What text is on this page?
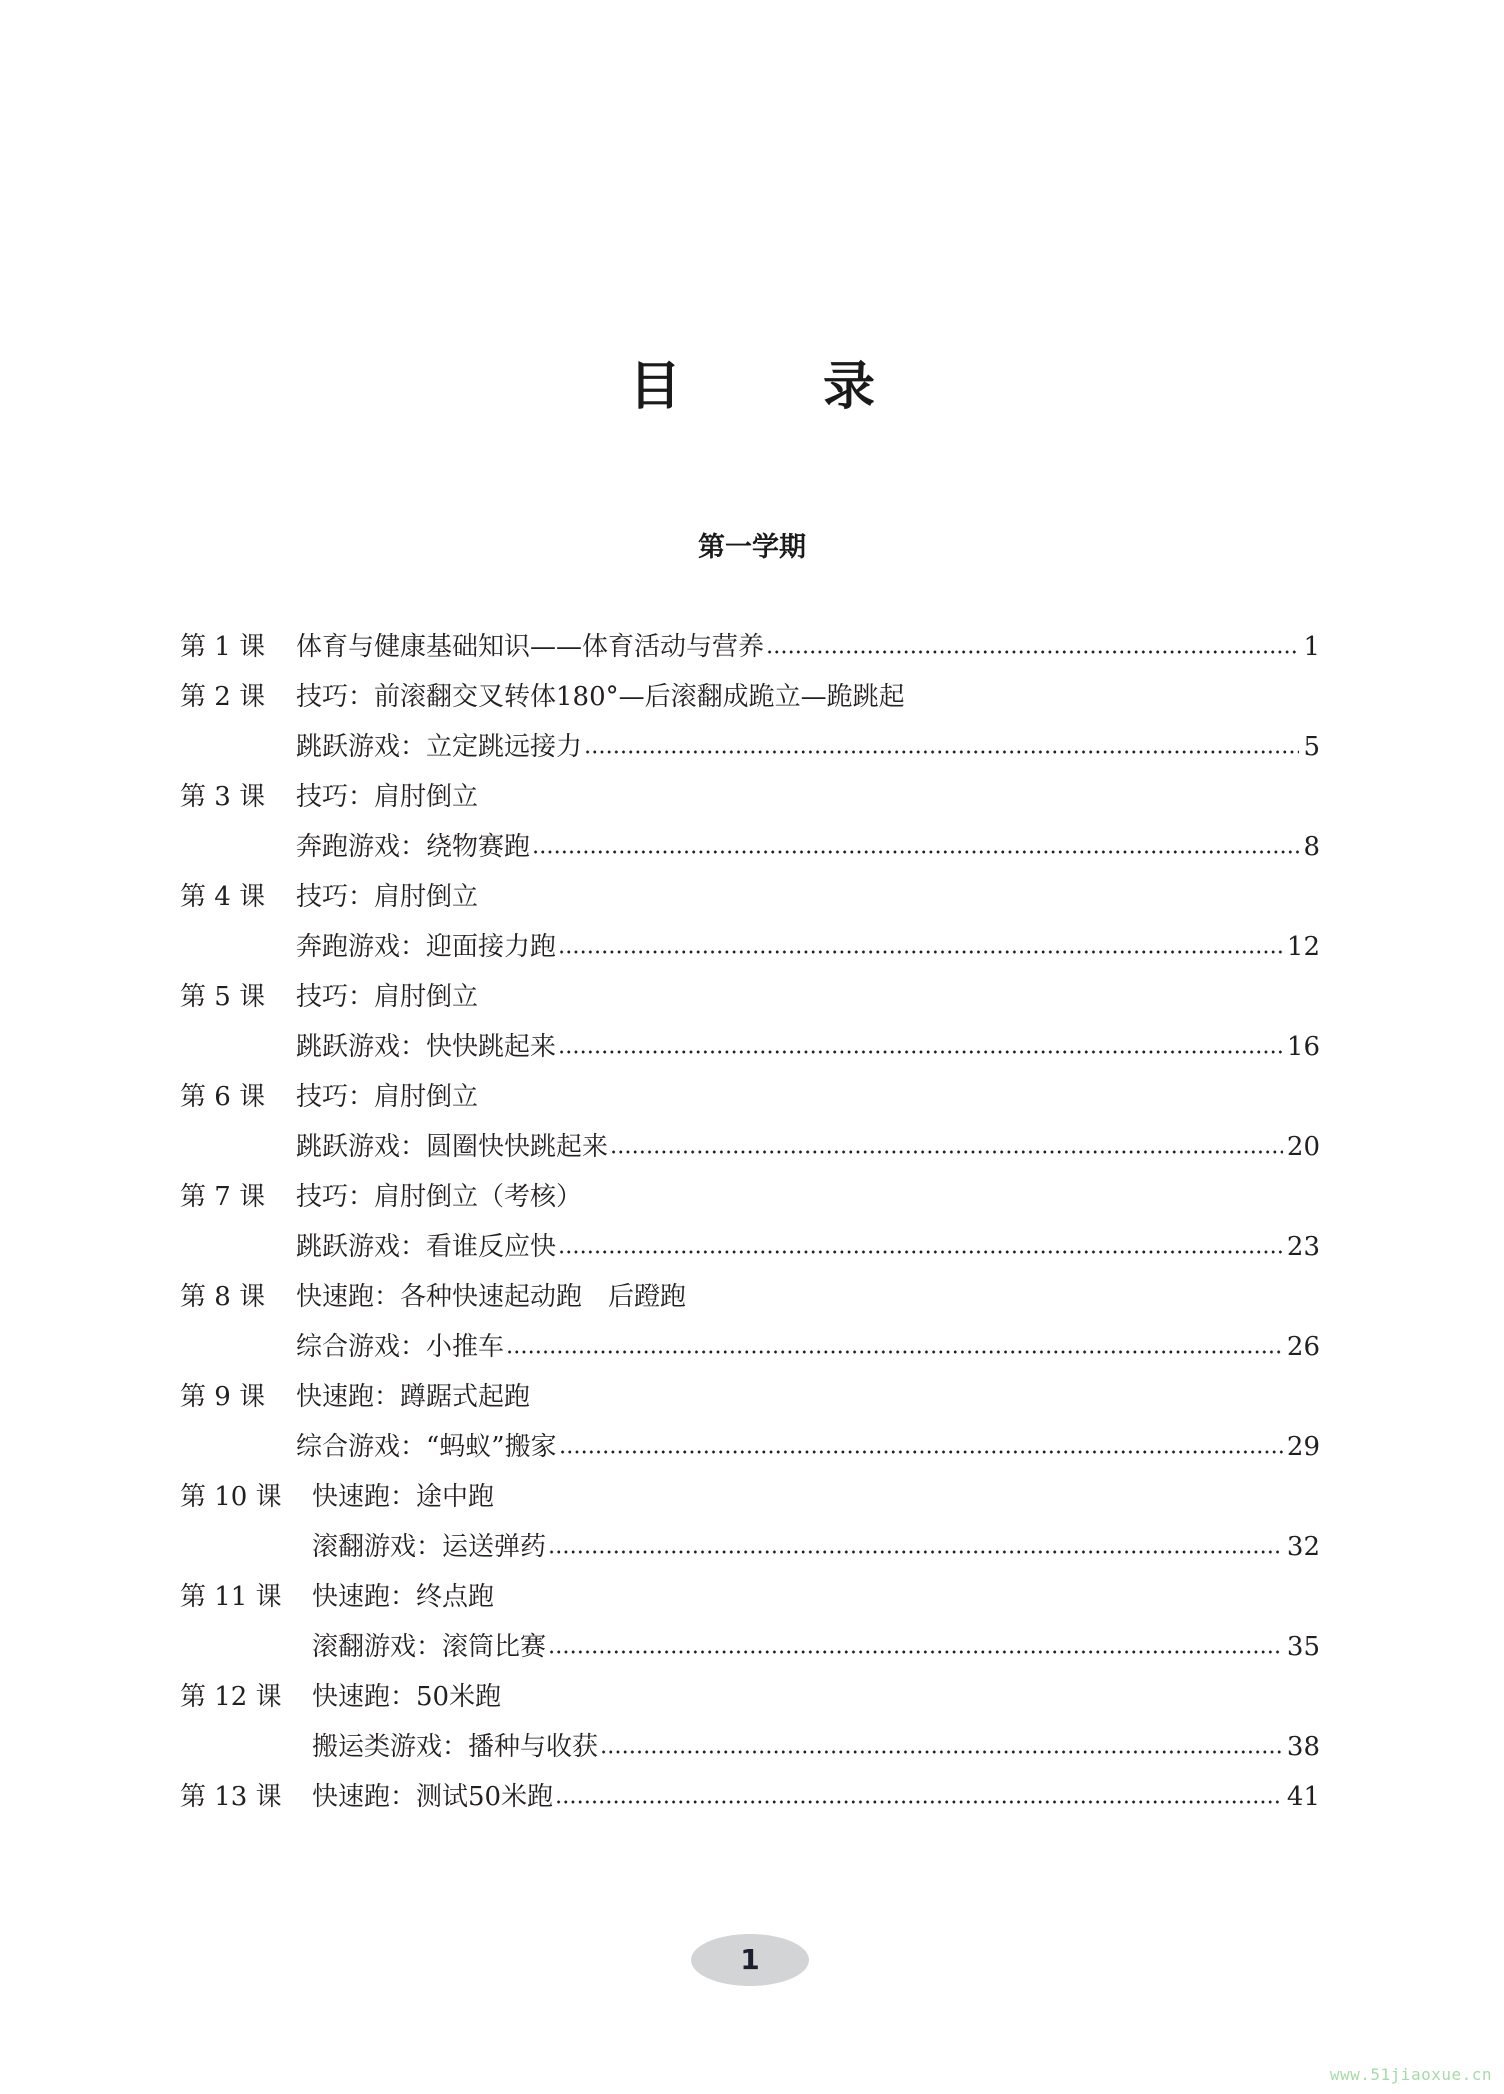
目 录
第一学期
第 1 课	体育与健康基础知识——体育活动与营养	1
第 2 课	技巧：前滚翻交叉转体180°—后滚翻成跪立—跪跳起
跳跃游戏：立定跳远接力	5
第 3 课	技巧：肩肘倒立
奔跑游戏：绕物赛跑	8
第 4 课	技巧：肩肘倒立
奔跑游戏：迎面接力跑	12
第 5 课	技巧：肩肘倒立
跳跃游戏：快快跳起来	16
第 6 课	技巧：肩肘倒立
跳跃游戏：圆圈快快跳起来	20
第 7 课	技巧：肩肘倒立（考核）
跳跃游戏：看谁反应快	23
第 8 课	快速跑：各种快速起动跑　后蹬跑
综合游戏：小推车	26
第 9 课	快速跑：蹲踞式起跑
综合游戏：“蚂蚁”搬家	29
第 10 课	快速跑：途中跑
滚翻游戏：运送弹药	32
第 11 课	快速跑：终点跑
滚翻游戏：滚筒比赛	35
第 12 课	快速跑：50米跑
搬运类游戏：播种与收获	38
第 13 课	快速跑：测试50米跑	41
1
www.51jiaoxue.cn
